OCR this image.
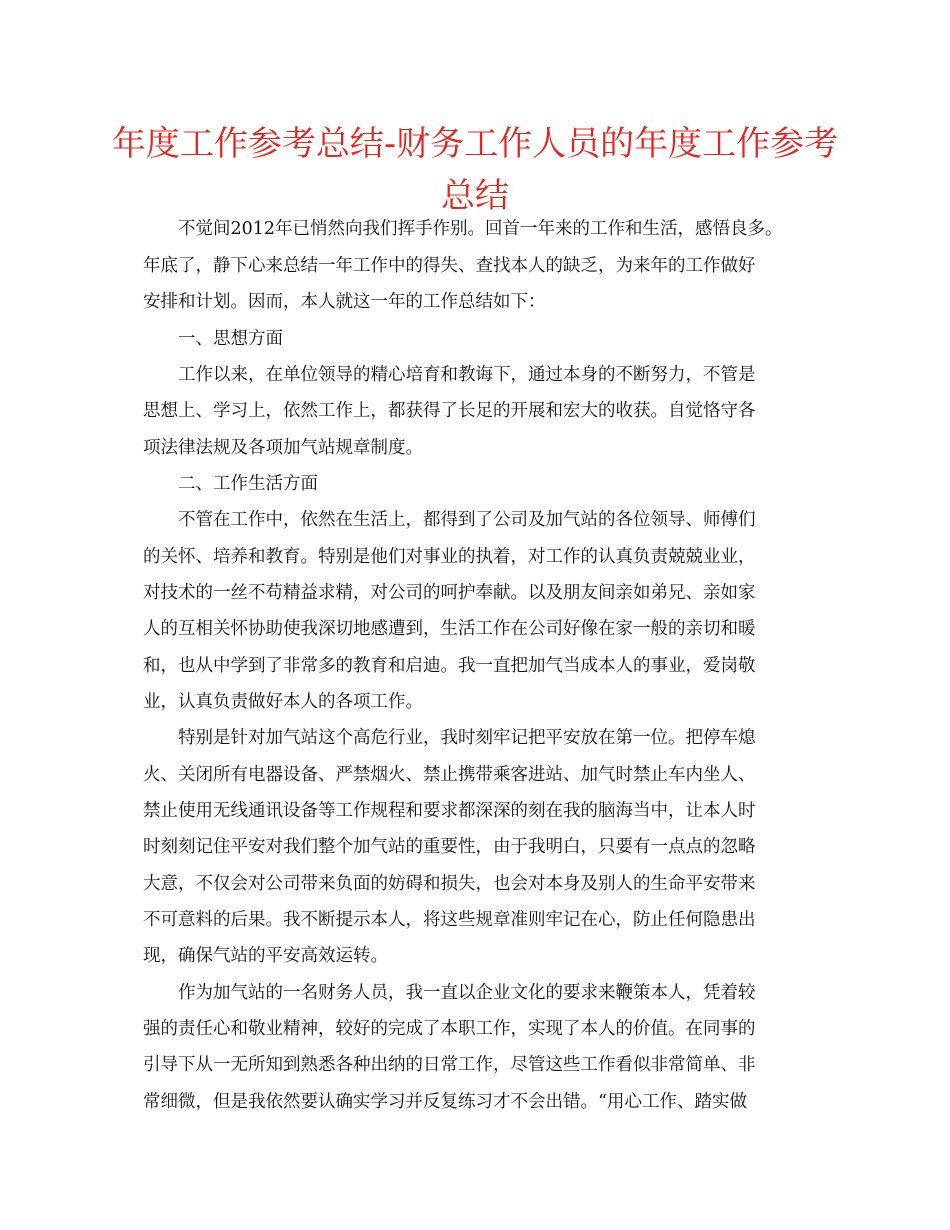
年度工作参考总结-财务工作人员的年度工作参考
总结
不觉间2012年已悄然向我们挥手作别。回首一年来的工作和生活，感悟良多。
年底了，静下心来总结一年工作中的得失、查找本人的缺乏，为来年的工作做好
安排和计划。因而，本人就这一年的工作总结如下：
一、思想方面
工作以来，在单位领导的精心培育和教诲下，通过本身的不断努力，不管是
思想上、学习上，依然工作上，都获得了长足的开展和宏大的收获。自觉恪守各
项法律法规及各项加气站规章制度。
二、工作生活方面
不管在工作中，依然在生活上，都得到了公司及加气站的各位领导、师傅们
的关怀、培养和教育。特别是他们对事业的执着，对工作的认真负责兢兢业业，
对技术的一丝不苟精益求精，对公司的呵护奉献。以及朋友间亲如弟兄、亲如家
人的互相关怀协助使我深切地感遭到，生活工作在公司好像在家一般的亲切和暖
和，也从中学到了非常多的教育和启迪。我一直把加气当成本人的事业，爱岗敬
业，认真负责做好本人的各项工作。
特别是针对加气站这个高危行业，我时刻牢记把平安放在第一位。把停车熄
火、关闭所有电器设备、严禁烟火、禁止携带乘客进站、加气时禁止车内坐人、
禁止使用无线通讯设备等工作规程和要求都深深的刻在我的脑海当中，让本人时
时刻刻记住平安对我们整个加气站的重要性，由于我明白，只要有一点点的忽略
大意，不仅会对公司带来负面的妨碍和损失，也会对本身及别人的生命平安带来
不可意料的后果。我不断提示本人，将这些规章准则牢记在心，防止任何隐患出
现，确保气站的平安高效运转。
作为加气站的一名财务人员，我一直以企业文化的要求来鞭策本人，凭着较
强的责任心和敬业精神，较好的完成了本职工作，实现了本人的价值。在同事的
引导下从一无所知到熟悉各种出纳的日常工作，尽管这些工作看似非常简单、非
常细微，但是我依然要认确实学习并反复练习才不会出错。“用心工作、踏实做
